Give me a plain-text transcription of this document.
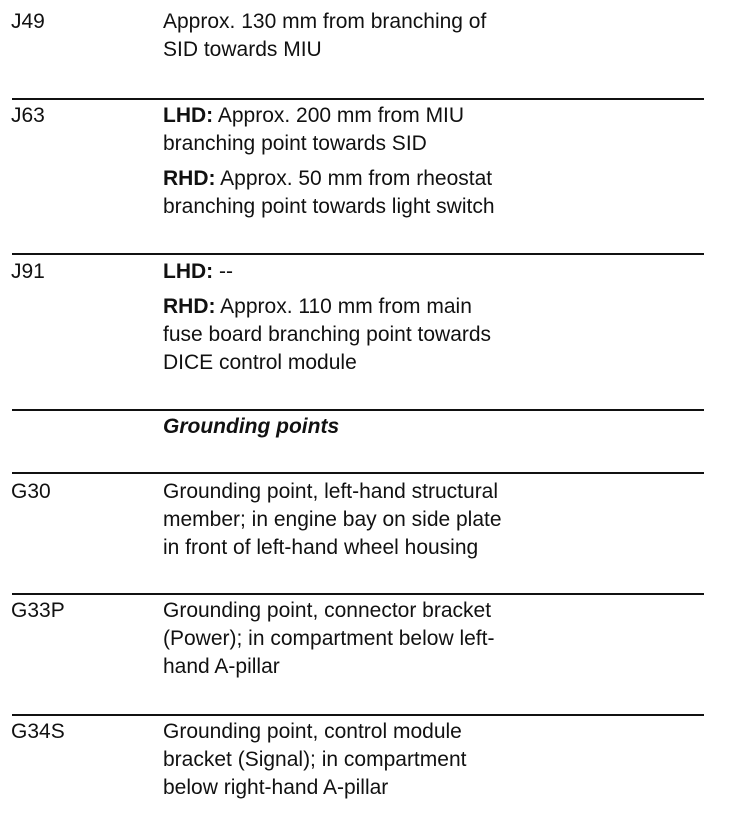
J49	Approx. 130 mm from branching of
SID towards MIU
J63	LHD: Approx. 200 mm from MIU
branching point towards SID
RHD: Approx. 50 mm from rheostat
branching point towards light switch
J91	LHD: --
RHD: Approx. 110 mm from main
fuse board branching point towards
DICE control module
Grounding points
G30	Grounding point, left-hand structural
member; in engine bay on side plate
in front of left-hand wheel housing
G33P	Grounding point, connector bracket
(Power); in compartment below left-
hand A-pillar
G34S	Grounding point, control module
bracket (Signal); in compartment
below right-hand A-pillar
